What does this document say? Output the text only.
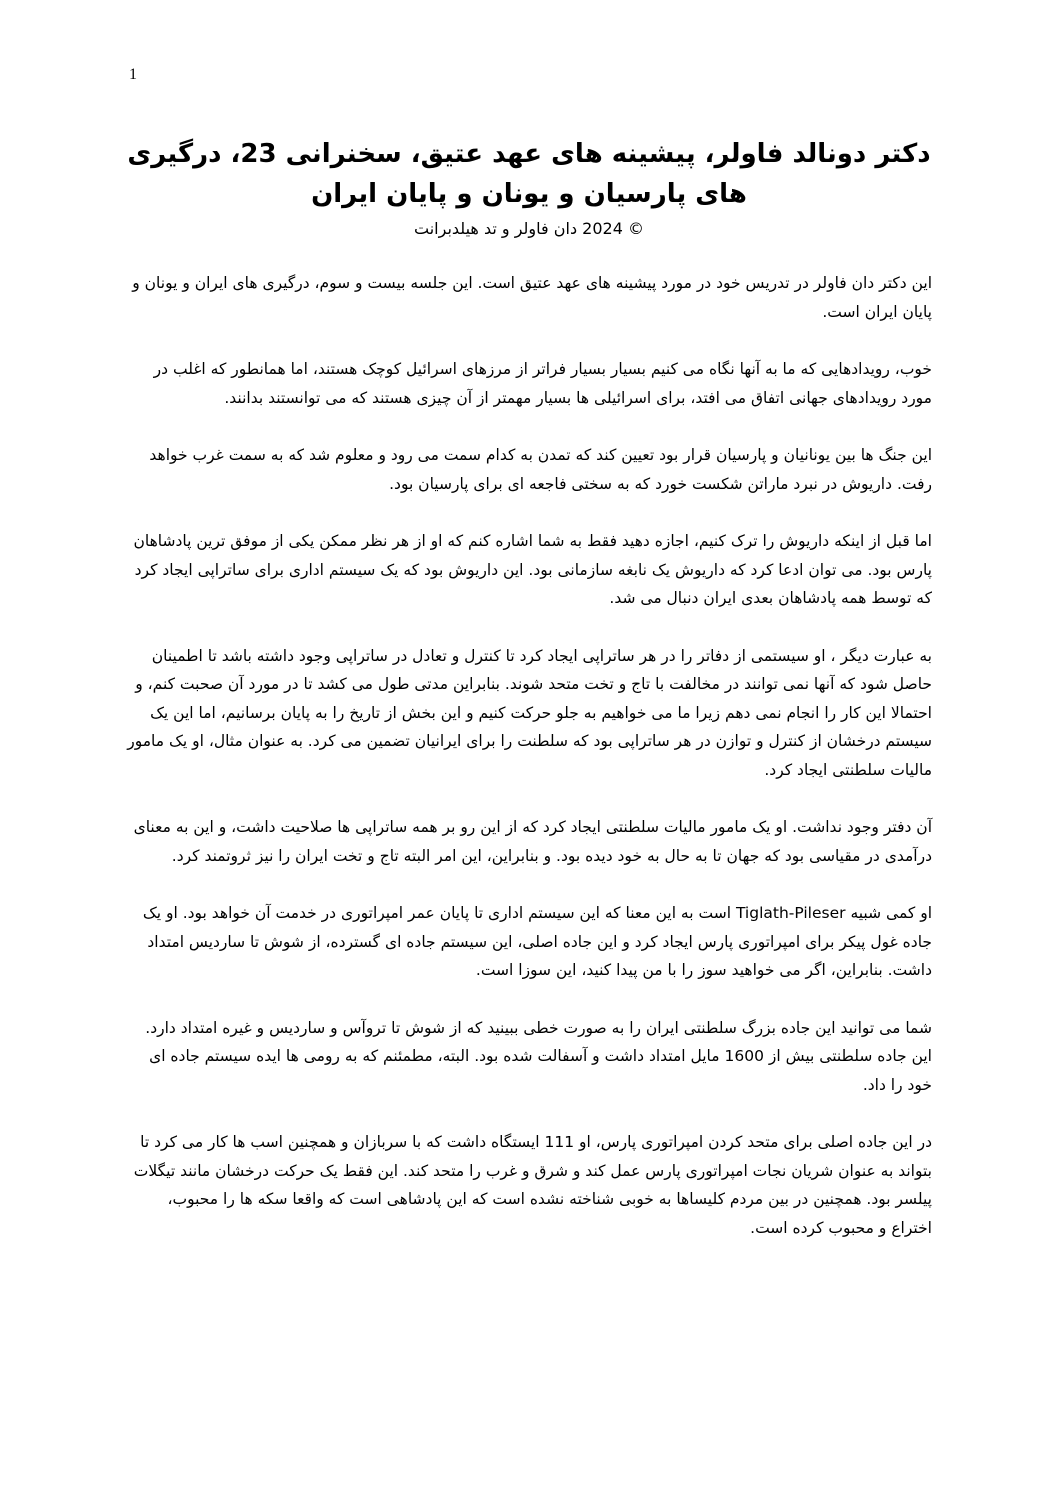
1
دکتر دونالد فاولر، پیشینه های عهد عتیق، سخنرانی 23، درگیری های پارسیان و یونان و پایان ایران
© 2024 دان فاولر و تد هیلدبرانت

این دکتر دان فاولر در تدریس خود در مورد پیشینه های عهد عتیق است. این جلسه بیست و سوم، درگیری های ایران و یونان و پایان ایران است.

خوب، رویدادهایی که ما به آنها نگاه می کنیم بسیار بسیار فراتر از مرزهای اسرائیل کوچک هستند، اما همانطور که اغلب در مورد رویدادهای جهانی اتفاق می افتد، برای اسرائیلی ها بسیار مهمتر از آن چیزی هستند که می توانستند بدانند.

این جنگ ها بین یونانیان و پارسیان قرار بود تعیین کند که تمدن به کدام سمت می رود و معلوم شد که به سمت غرب خواهد رفت. داریوش در نبرد ماراتن شکست خورد که به سختی فاجعه ای برای پارسیان بود.

اما قبل از اینکه داریوش را ترک کنیم، اجازه دهید فقط به شما اشاره کنم که او از هر نظر ممکن یکی از موفق ترین پادشاهان پارس بود. می توان ادعا کرد که داریوش یک نابغه سازمانی بود. این داریوش بود که یک سیستم اداری برای ساتراپی ایجاد کرد که توسط همه پادشاهان بعدی ایران دنبال می شد.

به عبارت دیگر ، او سیستمی از دفاتر را در هر ساتراپی ایجاد کرد تا کنترل و تعادل در ساتراپی وجود داشته باشد تا اطمینان حاصل شود که آنها نمی توانند در مخالفت با تاج و تخت متحد شوند. بنابراین مدتی طول می کشد تا در مورد آن صحبت کنم، و احتمالا این کار را انجام نمی دهم زیرا ما می خواهیم به جلو حرکت کنیم و این بخش از تاریخ را به پایان برسانیم، اما این یک سیستم درخشان از کنترل و توازن در هر ساتراپی بود که سلطنت را برای ایرانیان تضمین می کرد. به عنوان مثال، او یک مامور مالیات سلطنتی ایجاد کرد.

آن دفتر وجود نداشت. او یک مامور مالیات سلطنتی ایجاد کرد که از این رو بر همه ساتراپی ها صلاحیت داشت، و این به معنای درآمدی در مقیاسی بود که جهان تا به حال به خود دیده بود. و بنابراین، این امر البته تاج و تخت ایران را نیز ثروتمند کرد.

او کمی شبیه Tiglath-Pileser است به این معنا که این سیستم اداری تا پایان عمر امپراتوری در خدمت آن خواهد بود. او یک جاده غول پیکر برای امپراتوری پارس ایجاد کرد و این جاده اصلی، این سیستم جاده ای گسترده، از شوش تا ساردیس امتداد داشت. بنابراین، اگر می خواهید سوز را با من پیدا کنید، این سوزا است.

شما می توانید این جاده بزرگ سلطنتی ایران را به صورت خطی ببینید که از شوش تا تروآس و ساردیس و غیره امتداد دارد. این جاده سلطنتی بیش از 1600 مایل امتداد داشت و آسفالت شده بود. البته، مطمئنم که به رومی ها ایده سیستم جاده ای خود را داد.

در این جاده اصلی برای متحد کردن امپراتوری پارس، او 111 ایستگاه داشت که با سربازان و همچنین اسب ها کار می کرد تا بتواند به عنوان شریان نجات امپراتوری پارس عمل کند و شرق و غرب را متحد کند. این فقط یک حرکت درخشان مانند تیگلات پیلسر بود. همچنین در بین مردم کلیساها به خوبی شناخته نشده است که این پادشاهی است که واقعا سکه ها را محبوب، اختراع و محبوب کرده است.
